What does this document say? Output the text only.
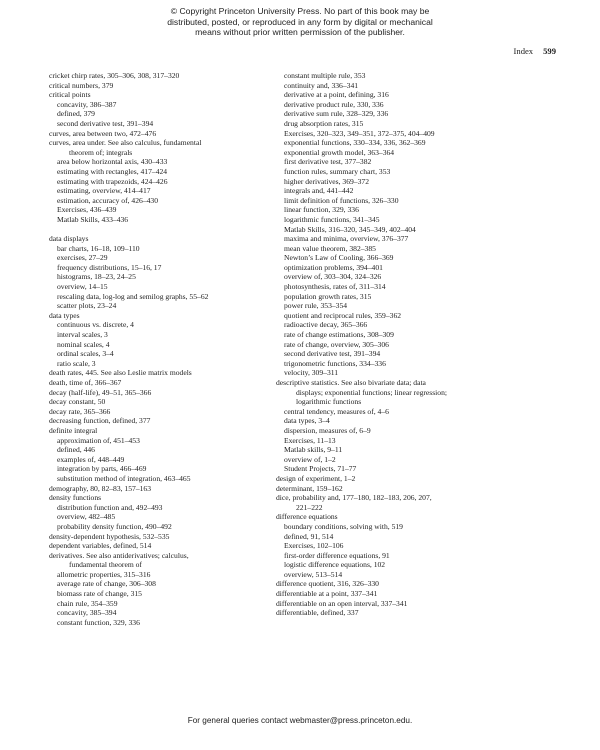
© Copyright Princeton University Press. No part of this book may be
distributed, posted, or reproduced in any form by digital or mechanical
means without prior written permission of the publisher.
Index 599
cricket chirp rates, 305–306, 308, 317–320
critical numbers, 379
critical points
concavity, 386–387
defined, 379
second derivative test, 391–394
curves, area between two, 472–476
curves, area under. See also calculus, fundamental
theorem of; integrals
area below horizontal axis, 430–433
estimating with rectangles, 417–424
estimating with trapezoids, 424–426
estimating, overview, 414–417
estimation, accuracy of, 426–430
Exercises, 436–439
Matlab Skills, 433–436
data displays
bar charts, 16–18, 109–110
exercises, 27–29
frequency distributions, 15–16, 17
histograms, 18–23, 24–25
overview, 14–15
rescaling data, log-log and semilog graphs, 55–62
scatter plots, 23–24
data types
continuous vs. discrete, 4
interval scales, 3
nominal scales, 4
ordinal scales, 3–4
ratio scale, 3
death rates, 445. See also Leslie matrix models
death, time of, 366–367
decay (half-life), 49–51, 365–366
decay constant, 50
decay rate, 365–366
decreasing function, defined, 377
definite integral
approximation of, 451–453
defined, 446
examples of, 448–449
integration by parts, 466–469
substitution method of integration, 463–465
demography, 80, 82–83, 157–163
density functions
distribution function and, 492–493
overview, 482–485
probability density function, 490–492
density-dependent hypothesis, 532–535
dependent variables, defined, 514
derivatives. See also antiderivatives; calculus,
fundamental theorem of
allometric properties, 315–316
average rate of change, 306–308
biomass rate of change, 315
chain rule, 354–359
concavity, 385–394
constant function, 329, 336
constant multiple rule, 353
continuity and, 336–341
derivative at a point, defining, 316
derivative product rule, 330, 336
derivative sum rule, 328–329, 336
drug absorption rates, 315
Exercises, 320–323, 349–351, 372–375, 404–409
exponential functions, 330–334, 336, 362–369
exponential growth model, 363–364
first derivative test, 377–382
function rules, summary chart, 353
higher derivatives, 369–372
integrals and, 441–442
limit definition of functions, 326–330
linear function, 329, 336
logarithmic functions, 341–345
Matlab Skills, 316–320, 345–349, 402–404
maxima and minima, overview, 376–377
mean value theorem, 382–385
Newton’s Law of Cooling, 366–369
optimization problems, 394–401
overview of, 303–304, 324–326
photosynthesis, rates of, 311–314
population growth rates, 315
power rule, 353–354
quotient and reciprocal rules, 359–362
radioactive decay, 365–366
rate of change estimations, 308–309
rate of change, overview, 305–306
second derivative test, 391–394
trigonometric functions, 334–336
velocity, 309–311
descriptive statistics. See also bivariate data; data
displays; exponential functions; linear regression;
logarithmic functions
central tendency, measures of, 4–6
data types, 3–4
dispersion, measures of, 6–9
Exercises, 11–13
Matlab skills, 9–11
overview of, 1–2
Student Projects, 71–77
design of experiment, 1–2
determinant, 159–162
dice, probability and, 177–180, 182–183, 206, 207,
221–222
difference equations
boundary conditions, solving with, 519
defined, 91, 514
Exercises, 102–106
first-order difference equations, 91
logistic difference equations, 102
overview, 513–514
difference quotient, 316, 326–330
differentiable at a point, 337–341
differentiable on an open interval, 337–341
differentiable, defined, 337
For general queries contact webmaster@press.princeton.edu.
